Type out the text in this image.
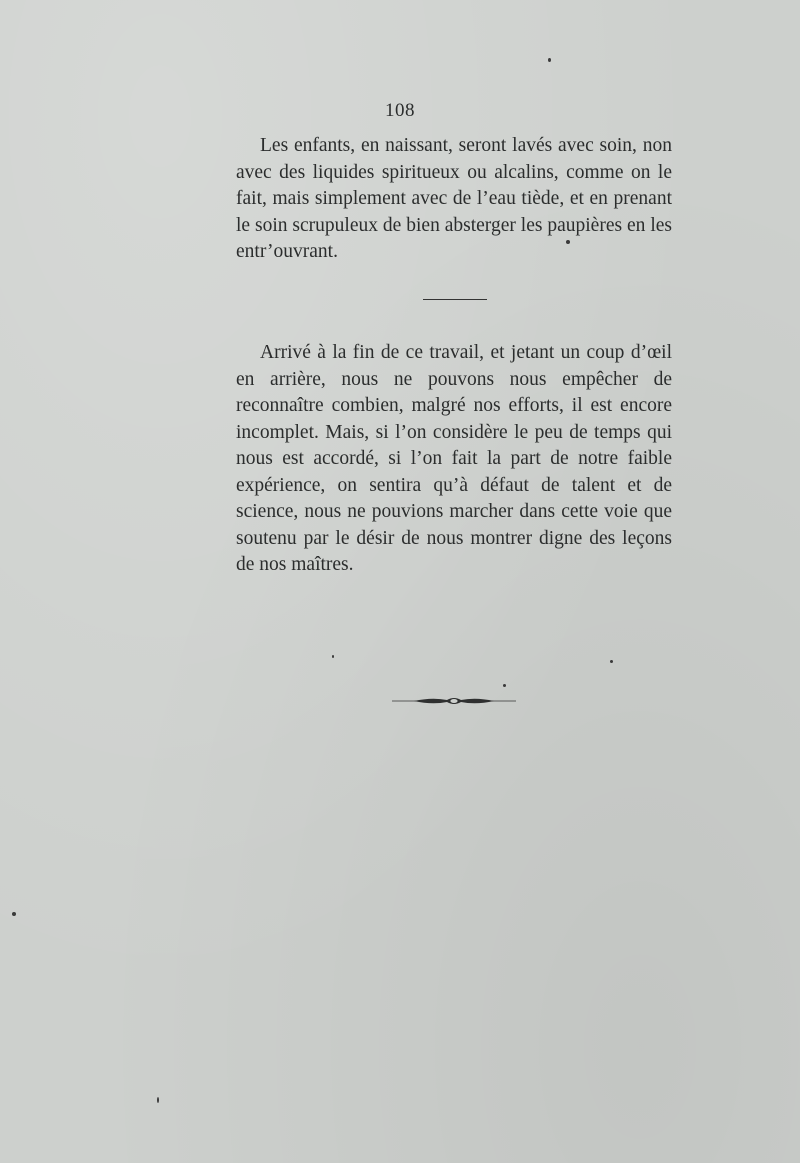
108

Les enfants, en naissant, seront lavés avec soin, non avec des liquides spiritueux ou alcalins, comme on le fait, mais simplement avec de l’eau tiède, et en prenant le soin scrupuleux de bien absterger les paupières en les entr’ouvrant.

Arrivé à la fin de ce travail, et jetant un coup d’œil en arrière, nous ne pouvons nous empêcher de reconnaître combien, malgré nos efforts, il est encore incomplet. Mais, si l’on considère le peu de temps qui nous est accordé, si l’on fait la part de notre faible expérience, on sentira qu’à défaut de talent et de science, nous ne pouvions marcher dans cette voie que soutenu par le désir de nous montrer digne des leçons de nos maîtres.
